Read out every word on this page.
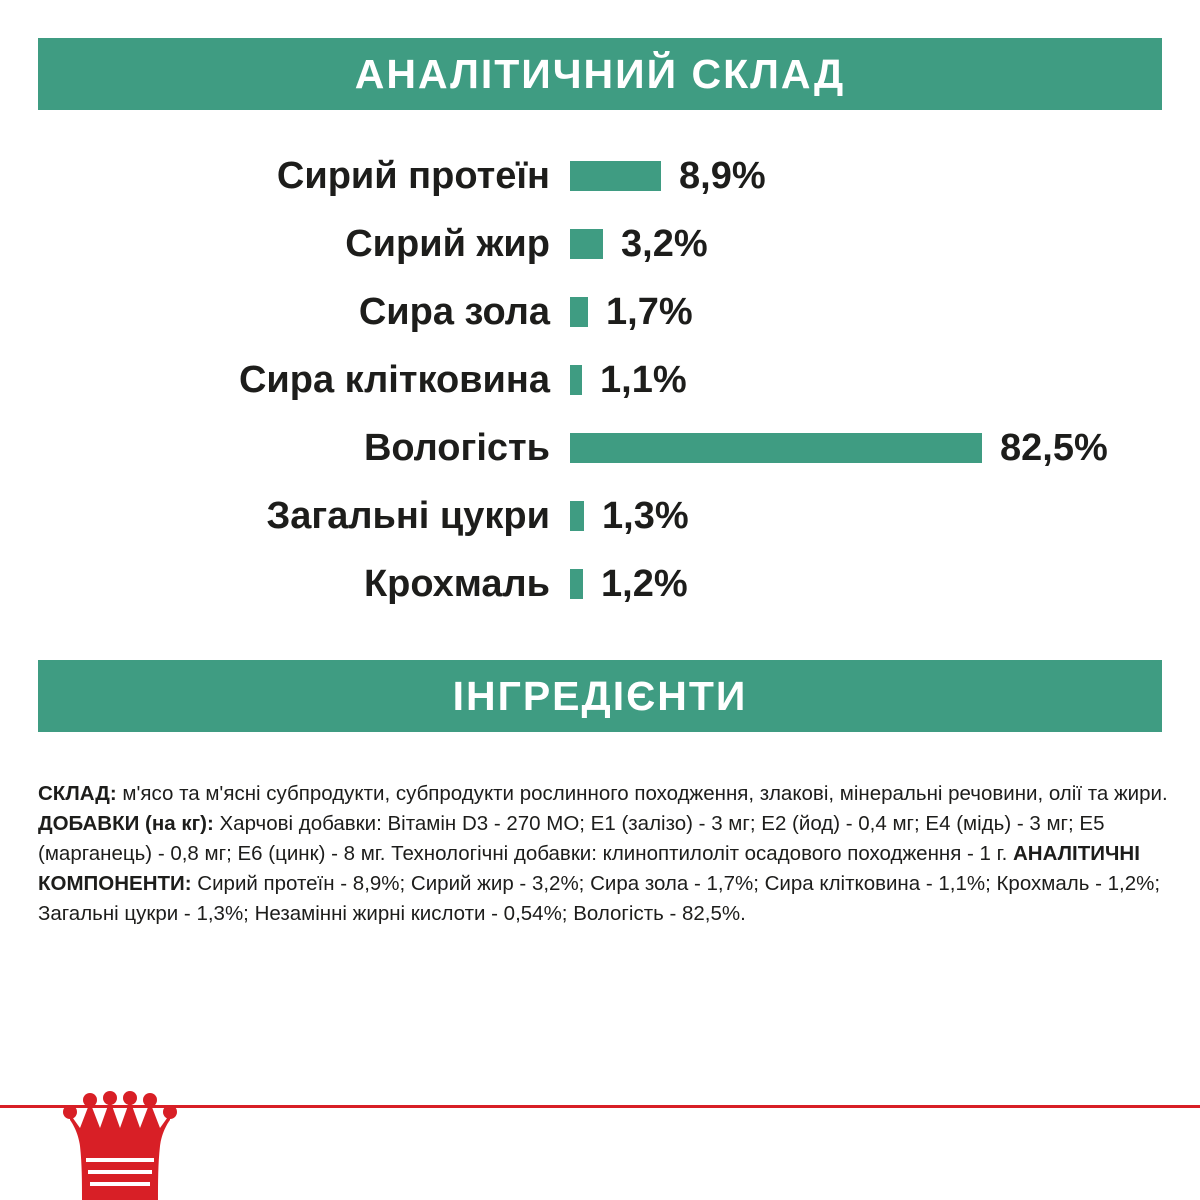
АНАЛІТИЧНИЙ СКЛАД
Сирий протеїн	8,9%
Сирий жир	3,2%
Сира зола	1,7%
Сира клітковина	1,1%
Вологість	82,5%
Загальні цукри	1,3%
Крохмаль	1,2%
ІНГРЕДІЄНТИ

СКЛАД: м'ясо та м'ясні субпродукти, субпродукти рослинного походження, злакові, мінеральні речовини, олії та жири. ДОБАВКИ (на кг): Харчові добавки: Вітамін D3 - 270 МО; Е1 (залізо) - 3 мг; Е2 (йод) - 0,4 мг; Е4 (мідь) - 3 мг; Е5 (марганець) - 0,8 мг; Е6 (цинк) - 8 мг. Технологічні добавки: клиноптилоліт осадового походження - 1 г. АНАЛІТИЧНІ КОМПОНЕНТИ: Сирий протеїн - 8,9%; Сирий жир - 3,2%; Сира зола - 1,7%; Сира клітковина - 1,1%; Крохмаль - 1,2%; Загальні цукри - 1,3%; Незамінні жирні кислоти - 0,54%; Вологість - 82,5%.
